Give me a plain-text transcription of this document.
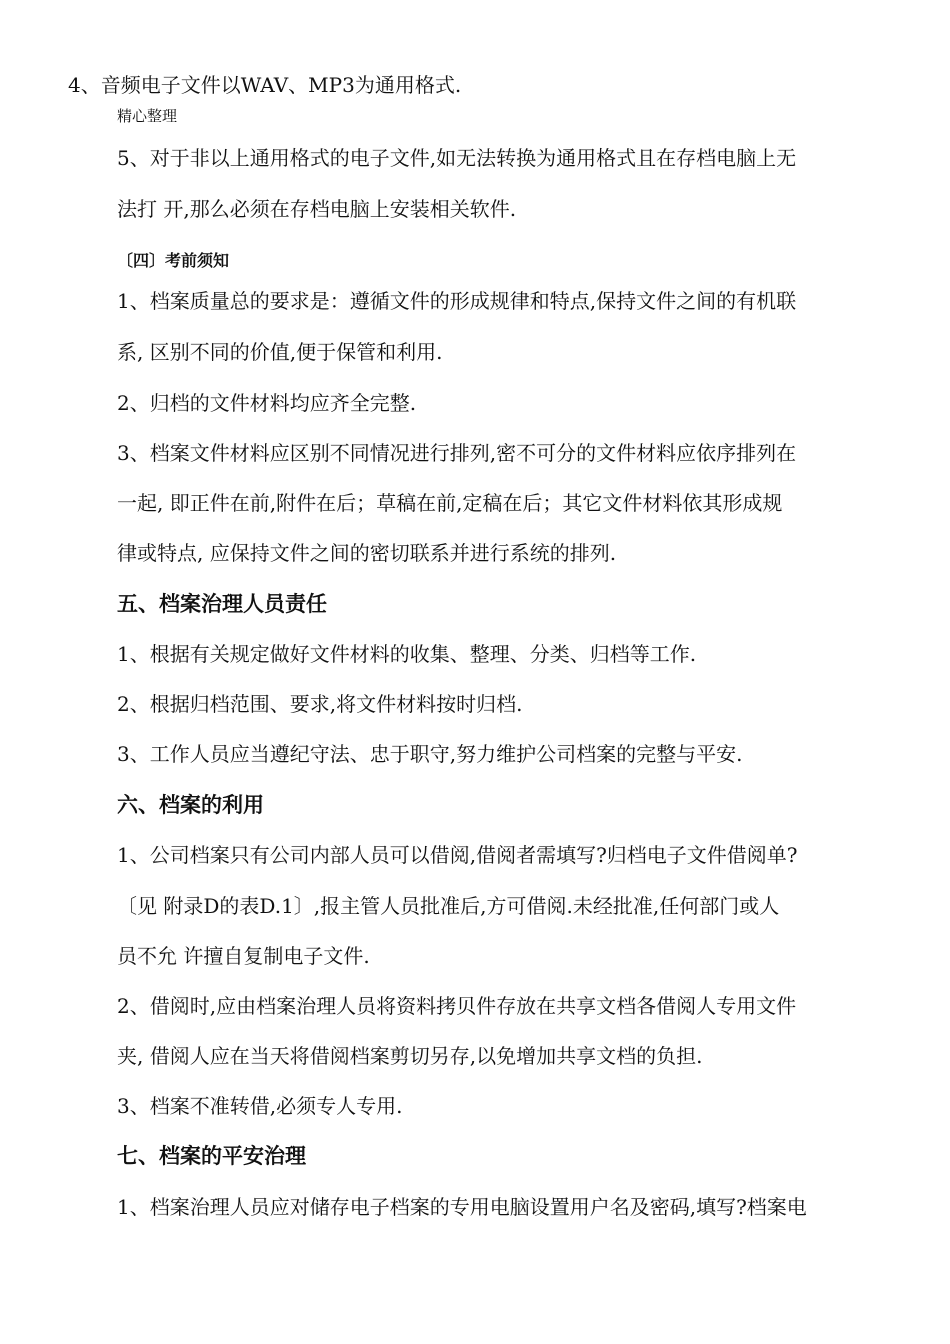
4、音频电子文件以WAV、MP3为通用格式.
精心整理
5、对于非以上通用格式的电子文件,如无法转换为通用格式且在存档电脑上无
法打 开,那么必须在存档电脑上安装相关软件.
〔四〕考前须知
1、档案质量总的要求是：遵循文件的形成规律和特点,保持文件之间的有机联
系, 区别不同的价值,便于保管和利用.
2、归档的文件材料均应齐全完整.
3、档案文件材料应区别不同情况进行排列,密不可分的文件材料应依序排列在
一起, 即正件在前,附件在后；草稿在前,定稿在后；其它文件材料依其形成规
律或特点, 应保持文件之间的密切联系并进行系统的排列.
五、档案治理人员责任
1、根据有关规定做好文件材料的收集、整理、分类、归档等工作.
2、根据归档范围、要求,将文件材料按时归档.
3、工作人员应当遵纪守法、忠于职守,努力维护公司档案的完整与平安.
六、档案的利用
1、公司档案只有公司内部人员可以借阅,借阅者需填写?归档电子文件借阅单?
〔见 附录D的表D.1〕,报主管人员批准后,方可借阅.未经批准,任何部门或人
员不允 许擅自复制电子文件.
2、借阅时,应由档案治理人员将资料拷贝件存放在共享文档各借阅人专用文件
夹, 借阅人应在当天将借阅档案剪切另存,以免增加共享文档的负担.
3、档案不准转借,必须专人专用.
七、档案的平安治理
1、档案治理人员应对储存电子档案的专用电脑设置用户名及密码,填写?档案电
